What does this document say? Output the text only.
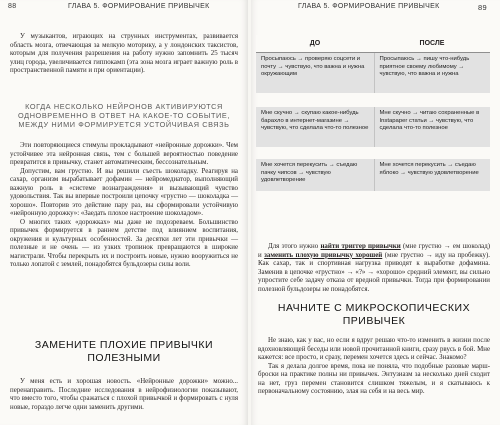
88	ГЛАВА 5. ФОРМИРОВАНИЕ ПРИВЫЧЕК

У музыкантов, играющих на струнных инструментах, развивается область мозга, отвечающая за мелкую моторику, а у лондонских таксистов, которым для получения разрешения на работу нужно запомнить 25 тысяч улиц города, увеличивается гиппокамп (эта зона мозга играет важную роль в пространственной памяти и при ориентации).

КОГДА НЕСКОЛЬКО НЕЙРОНОВ АКТИВИРУЮТСЯ ОДНОВРЕМЕННО В ОТВЕТ НА КАКОЕ-ТО СОБЫТИЕ, МЕЖДУ НИМИ ФОРМИРУЕТСЯ УСТОЙЧИВАЯ СВЯЗЬ

Эти повторяющиеся стимулы прокладывают «нейронные дорожки». Чем устойчивее эта нейронная связь, тем с большей вероятностью поведение превратится в привычку, станет автоматическим, бессознательным.

Допустим, вам грустно. И вы решили съесть шоколадку. Реагируя на сахар, организм вырабатывает дофамин — нейромедиатор, выполняющий важную роль в «системе вознаграждения» и вызывающий чувство удовольствия. Так вы впервые построили цепочку «грустно — шоколадка — хорошо». Повторив это действие пару раз, вы сформировали устойчивую «нейронную дорожку»: «Заедать плохое настроение шоколадом».

О многих таких «дорожках» мы даже не подозреваем. Большинство привычек формируется в раннем детстве под влиянием воспитания, окружения и культурных особенностей. За десятки лет эти привычки — полезные и не очень — из узких тропинок превращаются в широкие магистрали. Чтобы перекрыть их и построить новые, нужно вооружиться не только лопатой с землей, понадобятся бульдозеры силы воли.

ЗАМЕНИТЕ ПЛОХИЕ ПРИВЫЧКИ ПОЛЕЗНЫМИ

У меня есть и хорошая новость. «Нейронные дорожки» можно... перенаправить. Последние исследования в нейрофизиологии показывают, что вместо того, чтобы сражаться с плохой привычкой и формировать с нуля новые, гораздо легче одни заменить другими.

ГЛАВА 5. ФОРМИРОВАНИЕ ПРИВЫЧЕК	89
ДО	ПОСЛЕ
Просыпаюсь → проверяю соцсети и почту → чувствую, что важна и нужна окружающим	Просыпаюсь → пишу что-нибудь приятное своему любимому → чувствую, что важна и нужна

Мне скучно → скупаю какое-нибудь барахло в интернет-магазине → чувствую, что сделала что-то полезное	Мне скучно → читаю сохраненные в Instapaper статьи → чувствую, что сделала что-то полезное

Мне хочется перекусить → съедаю пачку чипсов → чувствую удовлетворение	Мне хочется перекусить → съедаю яблоко → чувствую удовлетворение

Для этого нужно найти триггер привычки (мне грустно → ем шоколад) и заменить плохую привычку хорошей (мне грустно → иду на пробежку). Как сахар, так и спортивная нагрузка приводят к выработке дофамина. Заменив в цепочке «грустно» → «?» → «хорошо» средний элемент, вы сильно упростите себе задачу отказа от вредной привычки. Тогда при формировании полезной бульдозеры не понадобятся.

НАЧНИТЕ С МИКРОСКОПИЧЕСКИХ ПРИВЫЧЕК

Не знаю, как у вас, но если я вдруг решаю что-то изменить в жизни после вдохновляющей беседы или новой прочитанной книги, сразу рвусь в бой. Мне кажется: все просто, и сразу, перемен хочется здесь и сейчас. Знакомо?

Так я делала долгое время, пока не поняла, что подобные разовые марш-броски на практике полны ни привычек. Энтузиазм за несколько дней сходит на нет, груз перемен становится слишком тяжелым, и я скатываюсь к первоначальному состоянию, злая на себя и на весь мир.
